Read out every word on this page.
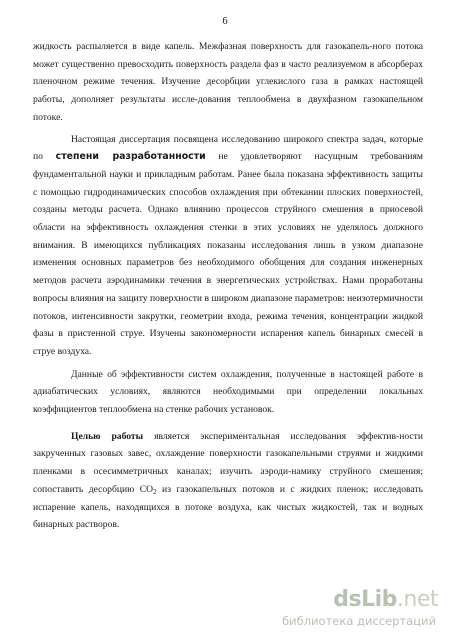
6

жидкость распыляется в виде капель. Межфазная поверхность для газокапель-ного потока может существенно превосходить поверхность раздела фаз в часто реализуемом в абсорберах пленочном режиме течения. Изучение десорбции углекислого газа в рамках настоящей работы, дополняет результаты иссле-дования теплообмена в двухфазном газокапельном потоке.

Настоящая диссертация посвящена исследованию широкого спектра задач, которые по степени разработанности не удовлетворяют насущным требованиям фундаментальной науки и прикладным работам. Ранее была показана эффективность защиты с помощью гидродинамических способов охлаждения при обтекании плоских поверхностей, созданы методы расчета. Однако влиянию процессов струйного смешения в приосевой области на эффективность охлаждения стенки в этих условиях не уделялось должного внимания. В имеющихся публикациях показаны исследования лишь в узком диапазоне изменения основных параметров без необходимого обобщения для создания инженерных методов расчета аэродинамики течения в энергетических устройствах. Нами проработаны вопросы влияния на защиту поверхности в широком диапазоне параметров: неизотермичности потоков, интенсивности закрутки, геометрии входа, режима течения, концентрации жидкой фазы в пристенной струе. Изучены закономерности испарения капель бинарных смесей в струе воздуха.

Данные об эффективности систем охлаждения, полученные в настоящей работе в адиабатических условиях, являются необходимыми при определении локальных коэффициентов теплообмена на стенке рабочих установок.

Целью работы является экспериментальная исследования эффектив-ности закрученных газовых завес, охлаждение поверхности газокапельными струями и жидкими пленками в осесимметричных каналах; изучить аэроди-намику струйного смешения; сопоставить десорбцию $CO_2$ из газокапельных потоков и с жидких пленок; исследовать испарение капель, находящихся в потоке воздуха, как чистых жидкостей, так и водных бинарных растворов.

dsLib.net
библиотека диссертаций
